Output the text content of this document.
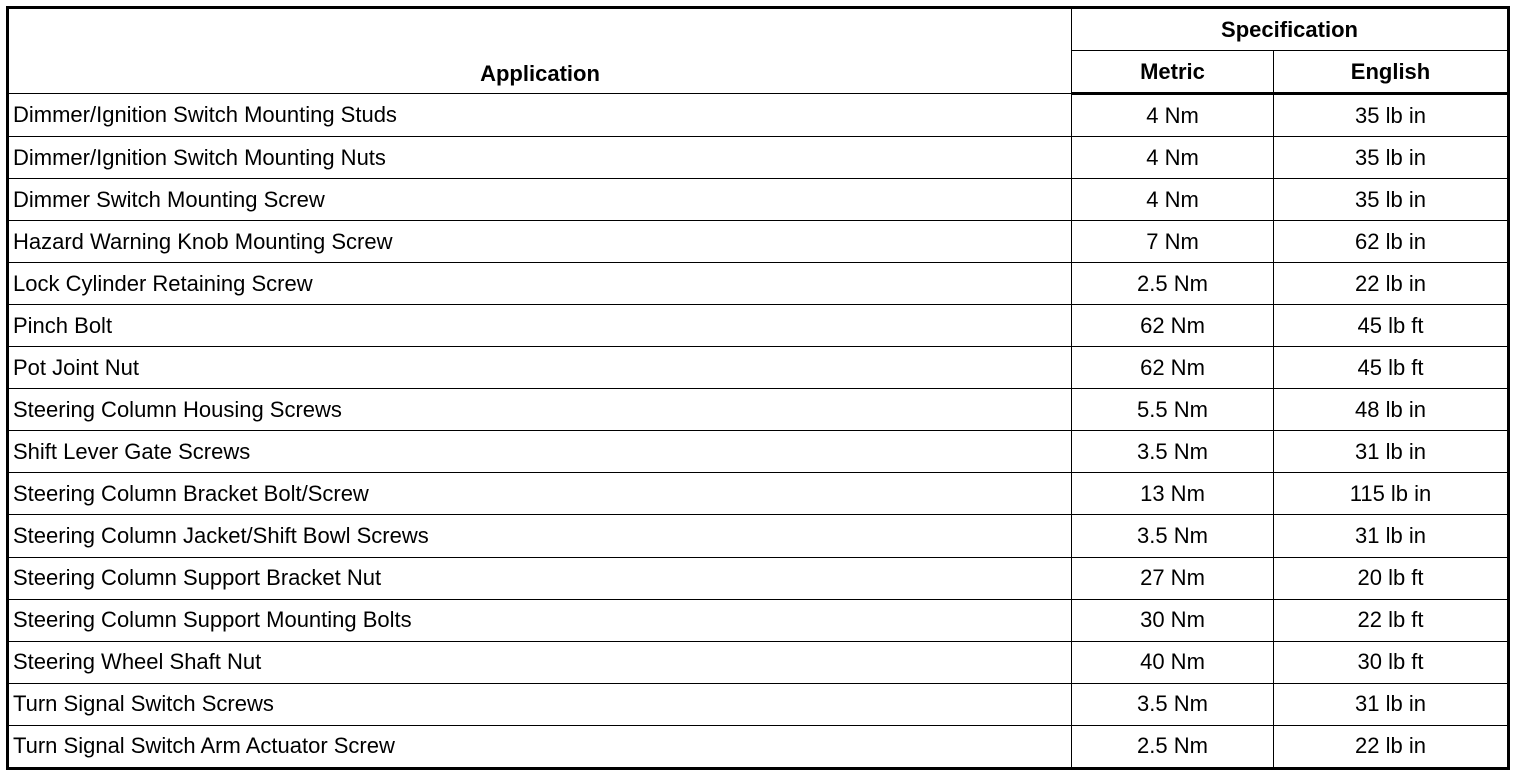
Application	Specification	
	Metric	English
Dimmer/Ignition Switch Mounting Studs	4 Nm	35 lb in
Dimmer/Ignition Switch Mounting Nuts	4 Nm	35 lb in
Dimmer Switch Mounting Screw	4 Nm	35 lb in
Hazard Warning Knob Mounting Screw	7 Nm	62 lb in
Lock Cylinder Retaining Screw	2.5 Nm	22 lb in
Pinch Bolt	62 Nm	45 lb ft
Pot Joint Nut	62 Nm	45 lb ft
Steering Column Housing Screws	5.5 Nm	48 lb in
Shift Lever Gate Screws	3.5 Nm	31 lb in
Steering Column Bracket Bolt/Screw	13 Nm	115 lb in
Steering Column Jacket/Shift Bowl Screws	3.5 Nm	31 lb in
Steering Column Support Bracket Nut	27 Nm	20 lb ft
Steering Column Support Mounting Bolts	30 Nm	22 lb ft
Steering Wheel Shaft Nut	40 Nm	30 lb ft
Turn Signal Switch Screws	3.5 Nm	31 lb in
Turn Signal Switch Arm Actuator Screw	2.5 Nm	22 lb in
